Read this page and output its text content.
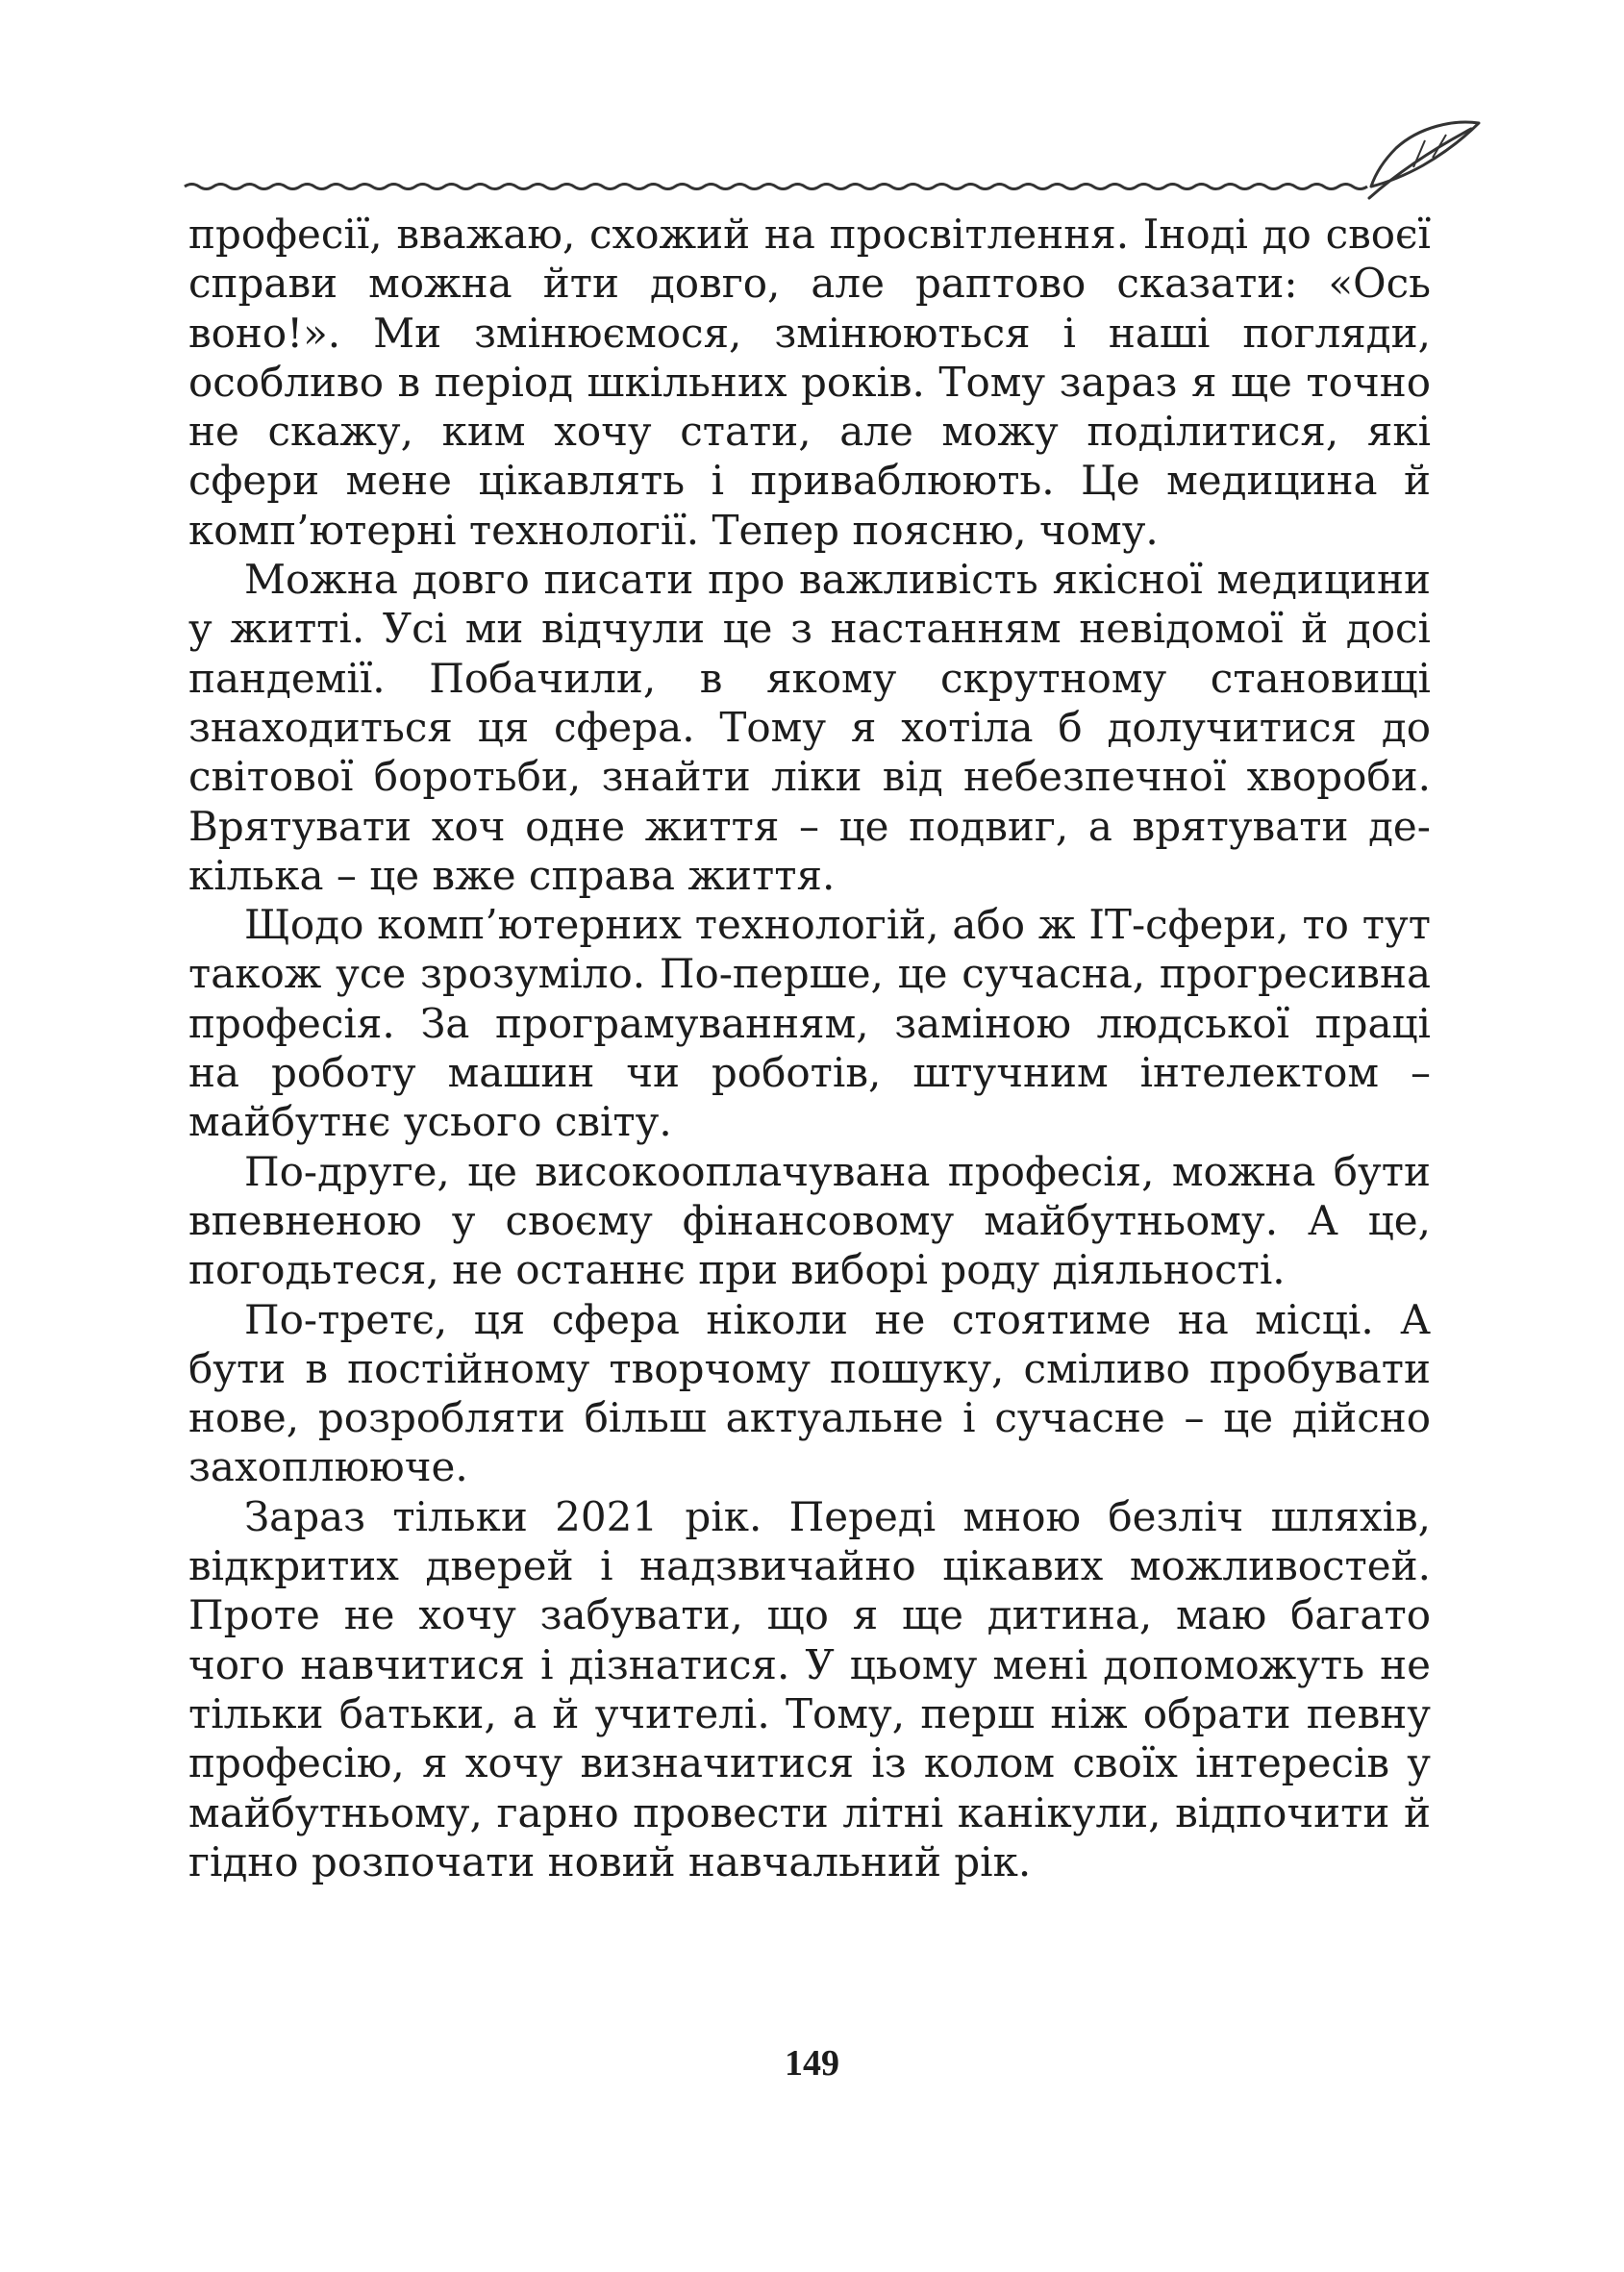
професії, вважаю, схожий на просвітлення. Іноді до своєї справи можна йти довго, але раптово сказати: «Ось воно!». Ми змінюємося, змінюються і наші погляди, особливо в період шкільних років. Тому зараз я ще точно не скажу, ким хочу стати, але можу поділитися, які сфери мене цікавлять і приваблюють. Це медицина й комп’ютерні технології. Тепер поясню, чому.

Можна довго писати про важливість якісної медицини у житті. Усі ми відчули це з настанням невідомої й досі пандемії. Побачили, в якому скрутному становищі знаходиться ця сфера. Тому я хотіла б долучитися до світової боротьби, знайти ліки від небезпечної хвороби. Врятувати хоч одне життя – це подвиг, а врятувати декілька – це вже справа життя.

Щодо комп’ютерних технологій, або ж ІТ-сфери, то тут також усе зрозуміло. По-перше, це сучасна, прогресивна професія. За програмуванням, заміною людської праці на роботу машин чи роботів, штучним інтелектом – майбутнє усього світу.

По-друге, це високооплачувана професія, можна бути впевненою у своєму фінансовому майбутньому. А це, погодьтеся, не останнє при виборі роду діяльності.

По-третє, ця сфера ніколи не стоятиме на місці. А бути в постійному творчому пошуку, сміливо пробувати нове, розробляти більш актуальне і сучасне – це дійсно захоплююче.

Зараз тільки 2021 рік. Переді мною безліч шляхів, відкритих дверей і надзвичайно цікавих можливостей. Проте не хочу забувати, що я ще дитина, маю багато чого навчитися і дізнатися. У цьому мені допоможуть не тільки батьки, а й учителі. Тому, перш ніж обрати певну професію, я хочу визначитися із колом своїх інтересів у майбутньому, гарно провести літні канікули, відпочити й гідно розпочати новий навчальний рік.

149
